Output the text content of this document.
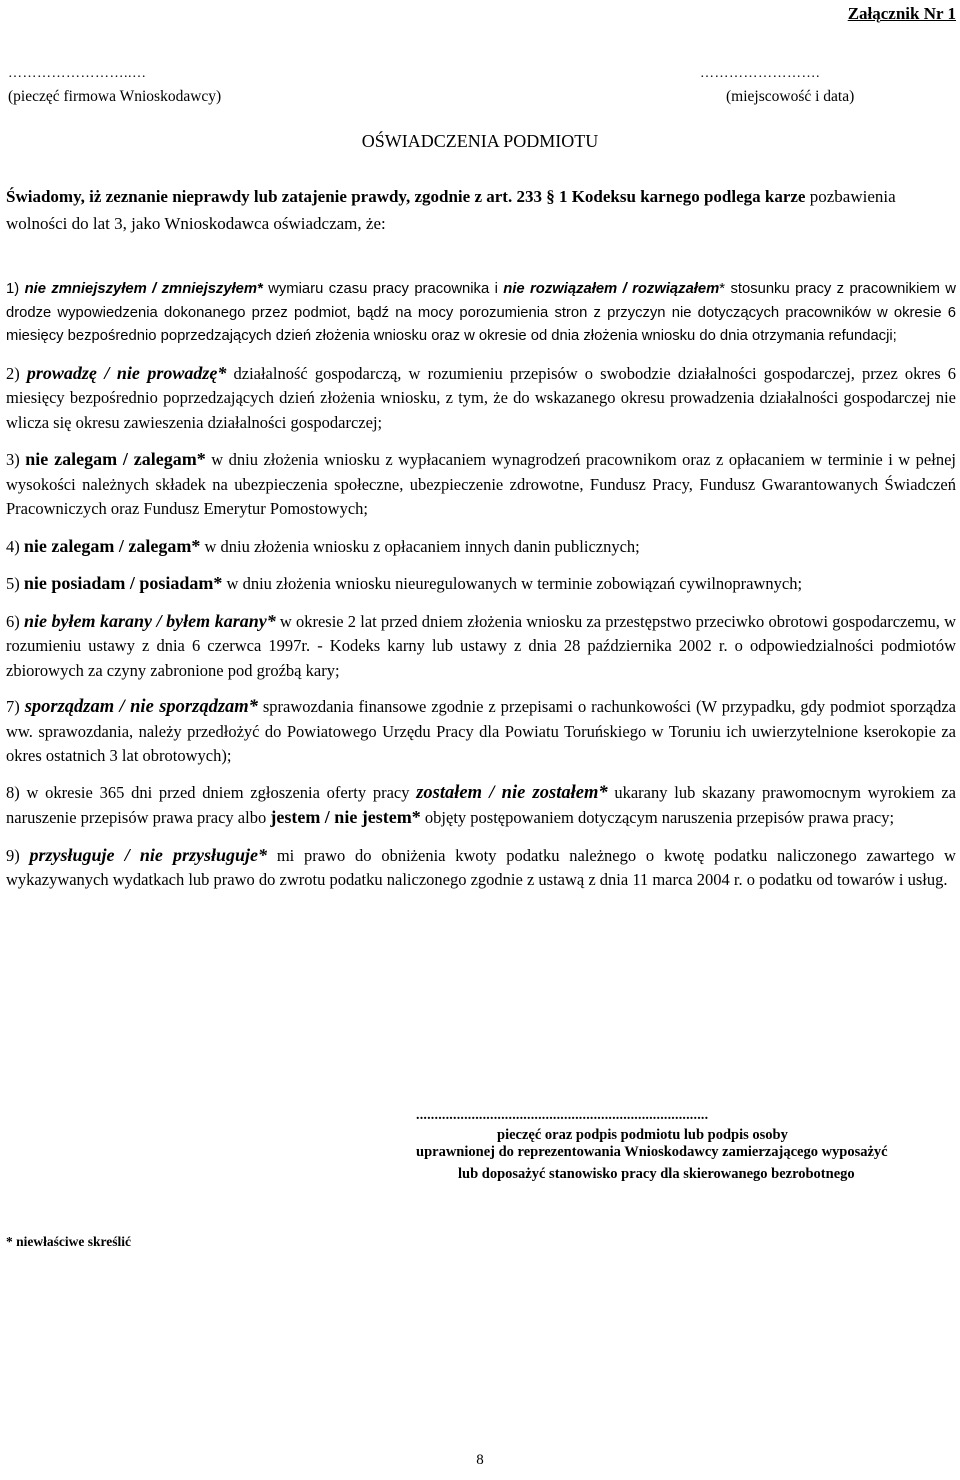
Załącznik Nr 1
……………………..…
(pieczęć firmowa Wnioskodawcy)
…………………….
(miejscowość i data)
OŚWIADCZENIA PODMIOTU
Świadomy, iż zeznanie nieprawdy lub zatajenie prawdy, zgodnie z art. 233 § 1 Kodeksu karnego podlega karze pozbawienia wolności do lat 3, jako Wnioskodawca oświadczam, że:
1) nie zmniejszyłem / zmniejszyłem* wymiaru czasu pracy pracownika i nie rozwiązałem / rozwiązałem* stosunku pracy z pracownikiem w drodze wypowiedzenia dokonanego przez podmiot, bądź na mocy porozumienia stron z przyczyn nie dotyczących pracowników w okresie 6 miesięcy bezpośrednio poprzedzających dzień złożenia wniosku oraz w okresie od dnia złożenia wniosku do dnia otrzymania refundacji;
2) prowadzę / nie prowadzę* działalność gospodarczą, w rozumieniu przepisów o swobodzie działalności gospodarczej, przez okres 6 miesięcy bezpośrednio poprzedzających dzień złożenia wniosku, z tym, że do wskazanego okresu prowadzenia działalności gospodarczej nie wlicza się okresu zawieszenia działalności gospodarczej;
3) nie zalegam / zalegam* w dniu złożenia wniosku z wypłacaniem wynagrodzeń pracownikom oraz z opłacaniem w terminie i w pełnej wysokości należnych składek na ubezpieczenia społeczne, ubezpieczenie zdrowotne, Fundusz Pracy, Fundusz Gwarantowanych Świadczeń Pracowniczych oraz Fundusz Emerytur Pomostowych;
4) nie zalegam / zalegam* w dniu złożenia wniosku z opłacaniem innych danin publicznych;
5) nie posiadam / posiadam* w dniu złożenia wniosku nieuregulowanych w terminie zobowiązań cywilnoprawnych;
6) nie byłem karany / byłem karany* w okresie 2 lat przed dniem złożenia wniosku za przestępstwo przeciwko obrotowi gospodarczemu, w rozumieniu ustawy z dnia 6 czerwca 1997r. - Kodeks karny lub ustawy z dnia 28 października 2002 r. o odpowiedzialności podmiotów zbiorowych za czyny zabronione pod groźbą kary;
7) sporządzam / nie sporządzam* sprawozdania finansowe zgodnie z przepisami o rachunkowości (W przypadku, gdy podmiot sporządza ww. sprawozdania, należy przedłożyć do Powiatowego Urzędu Pracy dla Powiatu Toruńskiego w Toruniu ich uwierzytelnione kserokopie za okres ostatnich 3 lat obrotowych);
8) w okresie 365 dni przed dniem zgłoszenia oferty pracy zostałem / nie zostałem* ukarany lub skazany prawomocnym wyrokiem za naruszenie przepisów prawa pracy albo jestem / nie jestem* objęty postępowaniem dotyczącym naruszenia przepisów prawa pracy;
9) przysługuje / nie przysługuje* mi prawo do obniżenia kwoty podatku należnego o kwotę podatku naliczonego zawartego w wykazywanych wydatkach lub prawo do zwrotu podatku naliczonego zgodnie z ustawą z dnia 11 marca 2004 r. o podatku od towarów i usług.
...............................................................................
pieczęć oraz podpis podmiotu lub podpis osoby
uprawnionej do reprezentowania Wnioskodawcy zamierzającego wyposażyć
lub doposażyć stanowisko pracy dla skierowanego bezrobotnego
* niewłaściwe skreślić
8
